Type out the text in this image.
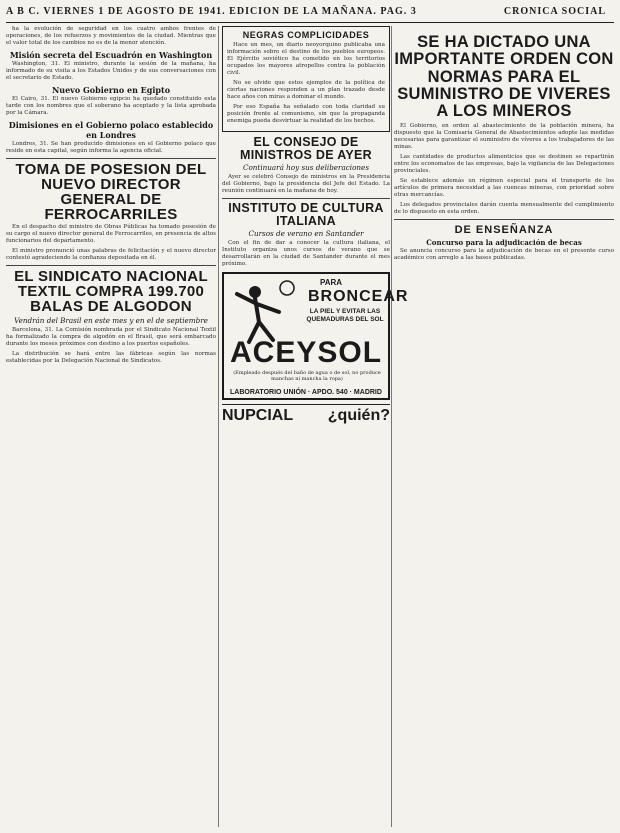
A B C. VIERNES 1 DE AGOSTO DE 1941. EDICION DE LA MAÑANA. PAG. 3	CRONICA SOCIAL

ha la evolución de seguridad en los cuatro ambos frentes de operaciones, de los refuerzos y movimientos de la ciudad. Mientras que el valor total de los cambios no es de la menor atención.

Misión secreta del Escuadrón en Washington

Washington, 31. El ministro, durante la sesión de la mañana, ha informado de su visita a los Estados Unidos y de sus conversaciones con el secretario de Estado.

Nuevo Gobierno en Egipto

El Cairo, 31. El nuevo Gobierno egipcio ha quedado constituido esta tarde con los nombres que el soberano ha aceptado y la lista aprobada por la Cámara.

Dimisiones en el Gobierno polaco establecido en Londres

Londres, 31. Se han producido dimisiones en el Gobierno polaco que reside en esta capital, según informa la agencia oficial.

TOMA DE POSESION DEL NUEVO DIRECTOR GENERAL DE FERROCARRILES

En el despacho del ministro de Obras Públicas ha tomado posesión de su cargo el nuevo director general de Ferrocarriles, en presencia de altos funcionarios del departamento.

El ministro pronunció unas palabras de felicitación y el nuevo director contestó agradeciendo la confianza depositada en él.

EL SINDICATO NACIONAL TEXTIL COMPRA 199.700 BALAS DE ALGODON

Vendrán del Brasil en este mes y en el de septiembre

Barcelona, 31. La Comisión nombrada por el Sindicato Nacional Textil ha formalizado la compra de algodón en el Brasil, que será embarcado durante los meses próximos con destino a los puertos españoles.

La distribución se hará entre las fábricas según las normas establecidas por la Delegación Nacional de Sindicatos.

NEGRAS COMPLICIDADES

Hace un mes, un diario neoyorquino publicaba una información sobre el destino de los pueblos europeos. El Ejército soviético ha cometido en los territorios ocupados los mayores atropellos contra la población civil.

No se olvide que estos ejemplos de la política de ciertas naciones responden a un plan trazado desde hace años con miras a dominar el mundo.

Por eso España ha señalado con toda claridad su posición frente al comunismo, sin que la propaganda enemiga pueda desvirtuar la realidad de los hechos.

EL CONSEJO DE MINISTROS DE AYER

Continuará hoy sus deliberaciones

Ayer se celebró Consejo de ministros en la Presidencia del Gobierno, bajo la presidencia del Jefe del Estado. La reunión continuará en la mañana de hoy.

INSTITUTO DE CULTURA ITALIANA

Cursos de verano en Santander

Con el fin de dar a conocer la cultura italiana, el Instituto organiza unos cursos de verano que se desarrollarán en la ciudad de Santander durante el mes próximo.

PARA
BRONCEAR
LA PIEL Y EVITAR LAS QUEMADURAS DEL SOL
ACEYSOL
(Empleado después del baño de agua o de sol, no produce manchas ni mancha la ropa)
LABORATORIO UNIÓN · APDO. 540 · MADRID
NUPCIAL ¿quién?
SE HA DICTADO UNA IMPORTANTE ORDEN CON NORMAS PARA EL SUMINISTRO DE VIVERES A LOS MINEROS

El Gobierno, en orden al abastecimiento de la población minera, ha dispuesto que la Comisaría General de Abastecimientos adopte las medidas necesarias para garantizar el suministro de víveres a los trabajadores de las minas.

Las cantidades de productos alimenticios que se destinen se repartirán entre los economatos de las empresas, bajo la vigilancia de las Delegaciones provinciales.

Se establece además un régimen especial para el transporte de los artículos de primera necesidad a las cuencas mineras, con prioridad sobre otras mercancías.

Los delegados provinciales darán cuenta mensualmente del cumplimiento de lo dispuesto en esta orden.

DE ENSEÑANZA

Concurso para la adjudicación de becas

Se anuncia concurso para la adjudicación de becas en el presente curso académico con arreglo a las bases publicadas.
